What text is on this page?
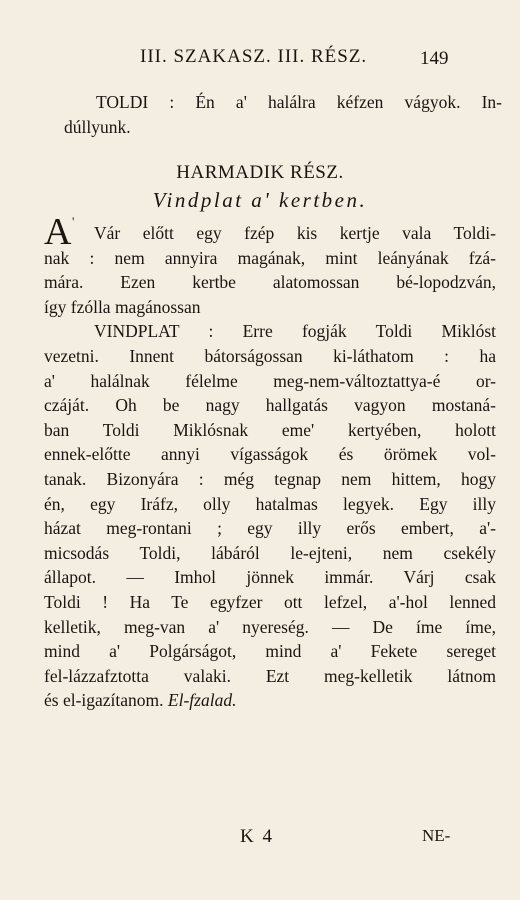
III. SZAKASZ. III. RÉSZ.	149
TOLDI : Én a' halálra kéfzen vágyok. In-
dúllyunk.
HARMADIK RÉSZ.
Vindplat a' kertben.
A '
Vár előtt egy fzép kis kertje vala Toldi-
nak : nem annyira magának, mint leányának fzá-
mára. Ezen kertbe alatomossan bé-lopodzván,
így fzólla magánossan
VINDPLAT : Erre fogják Toldi Miklóst
vezetni. Innent bátorságossan ki-láthatom : ha
a' halálnak félelme meg-nem-változtattya-é or-
czáját. Oh be nagy hallgatás vagyon mostaná-
ban Toldi Miklósnak eme' kertyében, holott
ennek-előtte annyi vígasságok és örömek vol-
tanak. Bizonyára : még tegnap nem hittem, hogy
én, egy Iráfz, olly hatalmas legyek. Egy illy
házat meg-rontani ; egy illy erős embert, a'-
micsodás Toldi, lábáról le-ejteni, nem csekély
állapot. — Imhol jönnek immár. Várj csak
Toldi ! Ha Te egyfzer ott lefzel, a'-hol lenned
kelletik, meg-van a' nyereség. — De íme íme,
mind a' Polgárságot, mind a' Fekete sereget
fel-lázzafztotta valaki. Ezt meg-kelletik látnom
és el-igazítanom. El-fzalad.
K 4	NE-
